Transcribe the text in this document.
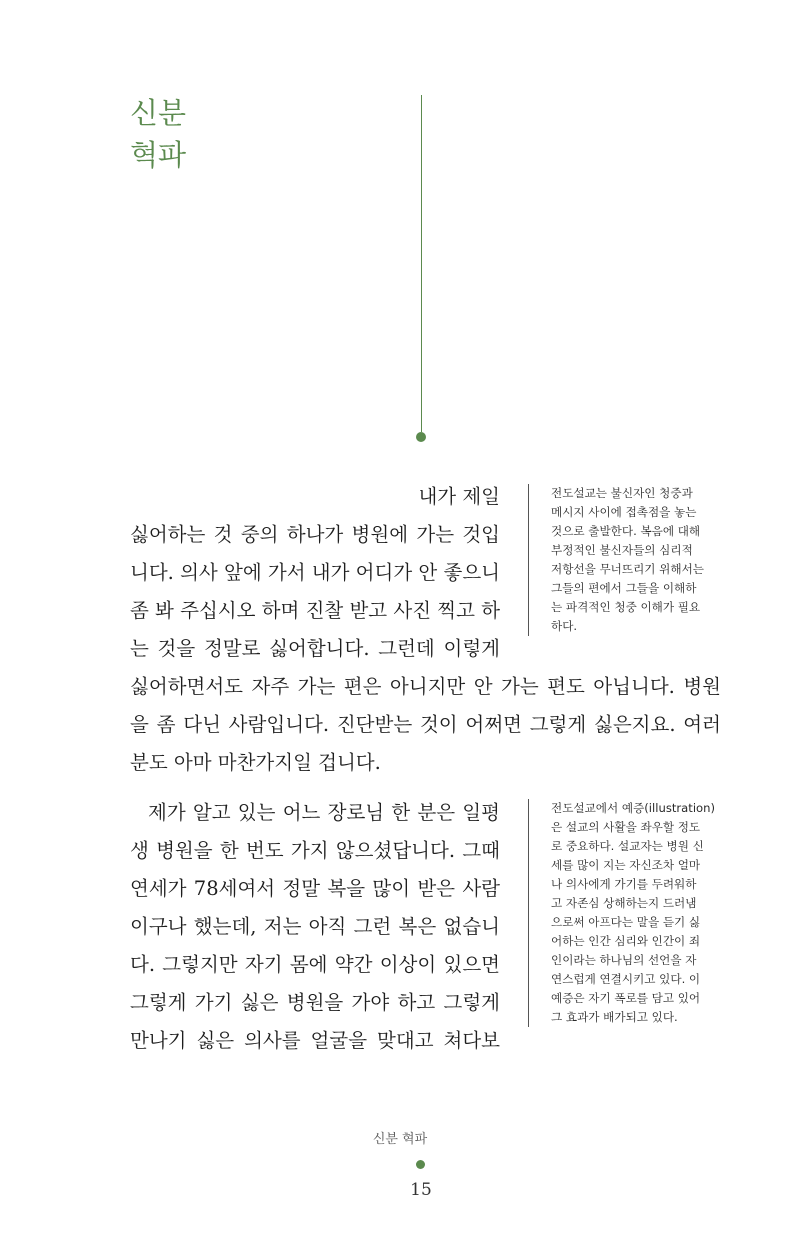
신분
혁파
내가 제일
싫어하는 것 중의 하나가 병원에 가는 것입
니다. 의사 앞에 가서 내가 어디가 안 좋으니
좀 봐 주십시오 하며 진찰 받고 사진 찍고 하
는 것을 정말로 싫어합니다. 그런데 이렇게
전도설교는 불신자인 청중과
메시지 사이에 접촉점을 놓는
것으로 출발한다. 복음에 대해
부정적인 불신자들의 심리적
저항선을 무너뜨리기 위해서는
그들의 편에서 그들을 이해하
는 파격적인 청중 이해가 필요
하다.
싫어하면서도 자주 가는 편은 아니지만 안 가는 편도 아닙니다. 병원
을 좀 다닌 사람입니다. 진단받는 것이 어쩌면 그렇게 싫은지요. 여러
분도 아마 마찬가지일 겁니다.
제가 알고 있는 어느 장로님 한 분은 일평
생 병원을 한 번도 가지 않으셨답니다. 그때
연세가 78세여서 정말 복을 많이 받은 사람
이구나 했는데, 저는 아직 그런 복은 없습니
다. 그렇지만 자기 몸에 약간 이상이 있으면
그렇게 가기 싫은 병원을 가야 하고 그렇게
만나기 싫은 의사를 얼굴을 맞대고 쳐다보
전도설교에서 예증(illustration)
은 설교의 사활을 좌우할 정도
로 중요하다. 설교자는 병원 신
세를 많이 지는 자신조차 얼마
나 의사에게 가기를 두려워하
고 자존심 상해하는지 드러냄
으로써 아프다는 말을 듣기 싫
어하는 인간 심리와 인간이 죄
인이라는 하나님의 선언을 자
연스럽게 연결시키고 있다. 이
예증은 자기 폭로를 담고 있어
그 효과가 배가되고 있다.
신분 혁파
15
